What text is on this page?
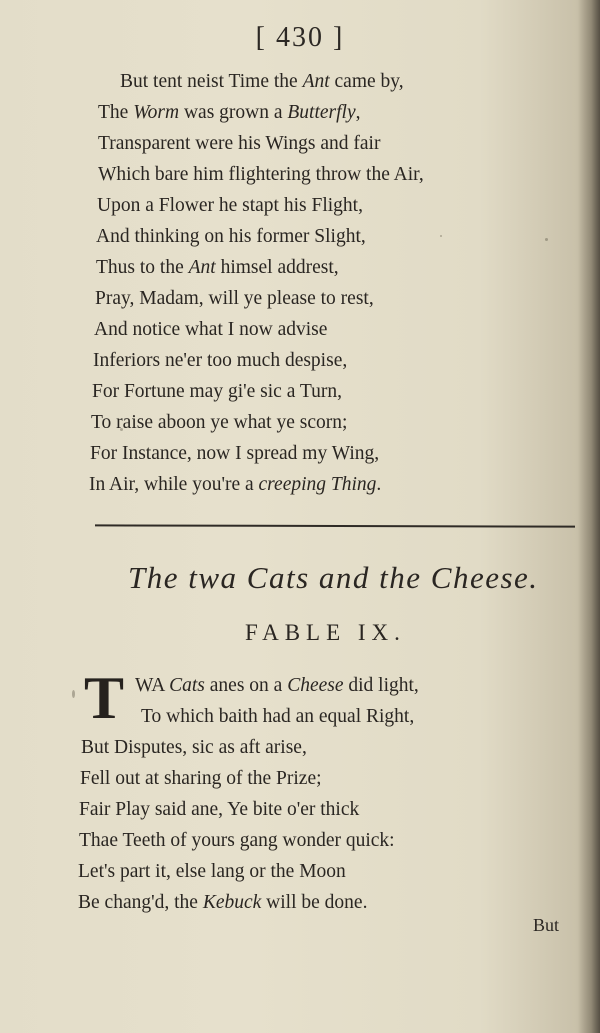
[ 430 ]
But tent neist Time the Ant came by,
The Worm was grown a Butterfly,
Transparent were his Wings and fair
Which bare him flightering throw the Air,
Upon a Flower he stapt his Flight,
And thinking on his former Slight,
Thus to the Ant himsel addrest,
Pray, Madam, will ye please to rest,
And notice what I now advise
Inferiors ne'er too much despise,
For Fortune may gi'e sic a Turn,
To raise aboon ye what ye scorn;
For Instance, now I spread my Wing,
In Air, while you're a creeping Thing.
The twa Cats and the Cheese.
FABLE IX.
T WA Cats anes on a Cheese did light,
To which baith had an equal Right,
But Disputes, sic as aft arise,
Fell out at sharing of the Prize;
Fair Play said ane, Ye bite o'er thick
Thae Teeth of yours gang wonder quick:
Let's part it, else lang or the Moon
Be chang'd, the Kebuck will be done.
But
